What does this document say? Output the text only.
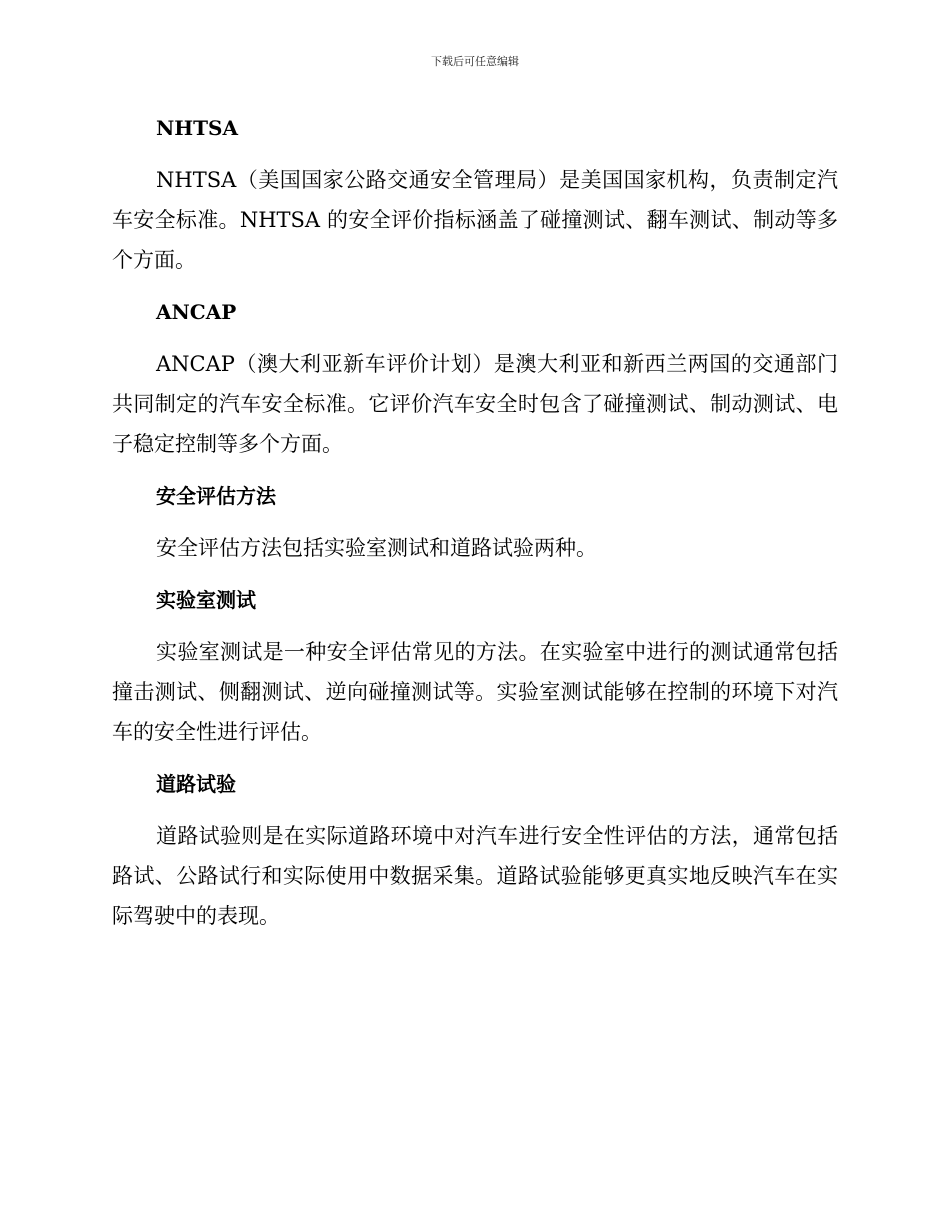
下载后可任意编辑
NHTSA

NHTSA（美国国家公路交通安全管理局）是美国国家机构，负责制定汽车安全标准。NHTSA 的安全评价指标涵盖了碰撞测试、翻车测试、制动等多个方面。

ANCAP

ANCAP（澳大利亚新车评价计划）是澳大利亚和新西兰两国的交通部门共同制定的汽车安全标准。它评价汽车安全时包含了碰撞测试、制动测试、电子稳定控制等多个方面。

安全评估方法

安全评估方法包括实验室测试和道路试验两种。

实验室测试

实验室测试是一种安全评估常见的方法。在实验室中进行的测试通常包括撞击测试、侧翻测试、逆向碰撞测试等。实验室测试能够在控制的环境下对汽车的安全性进行评估。

道路试验

道路试验则是在实际道路环境中对汽车进行安全性评估的方法，通常包括路试、公路试行和实际使用中数据采集。道路试验能够更真实地反映汽车在实际驾驶中的表现。
